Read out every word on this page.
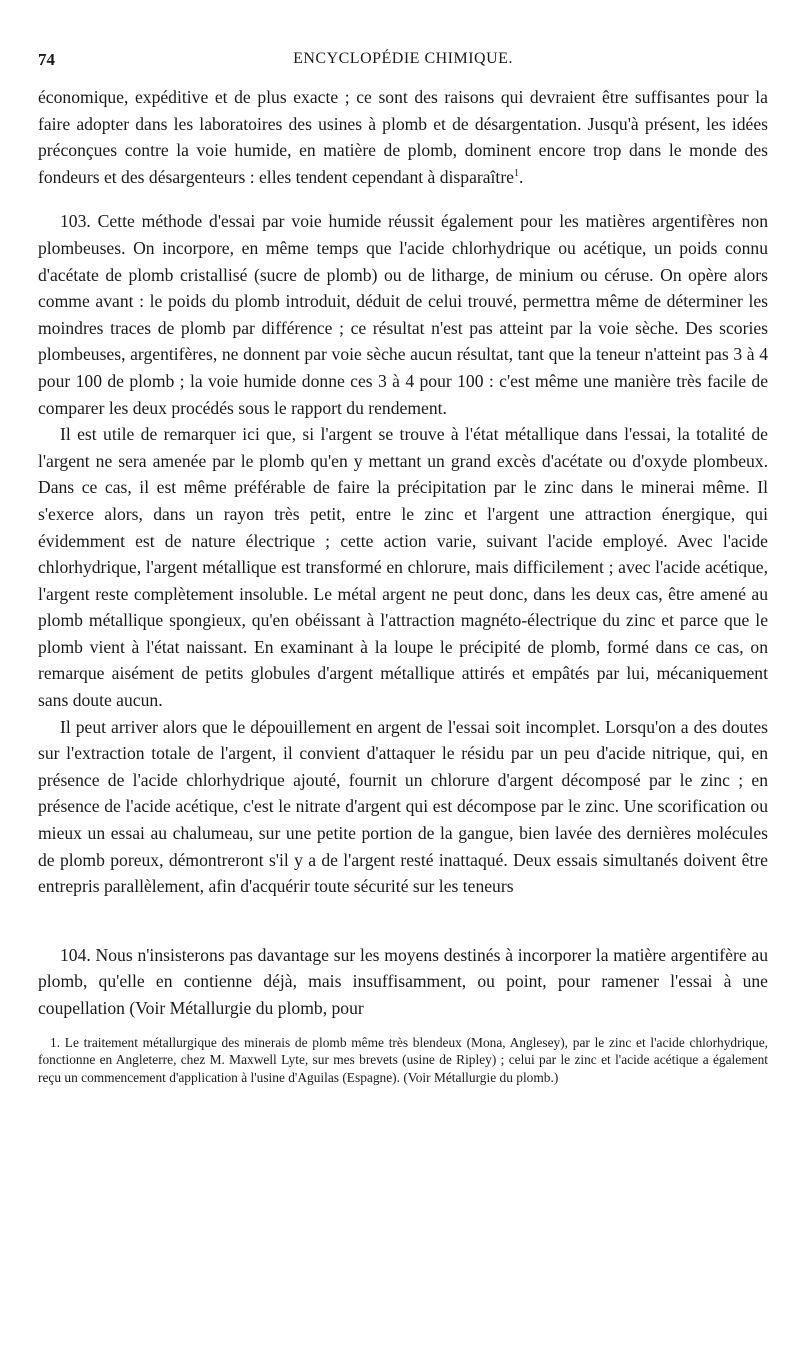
74	ENCYCLOPÉDIE CHIMIQUE.

économique, expéditive et de plus exacte ; ce sont des raisons qui devraient être suffisantes pour la faire adopter dans les laboratoires des usines à plomb et de désargentation. Jusqu'à présent, les idées préconçues contre la voie humide, en matière de plomb, dominent encore trop dans le monde des fondeurs et des désargenteurs : elles tendent cependant à disparaître$^1$.

103. Cette méthode d'essai par voie humide réussit également pour les matières argentifères non plombeuses. On incorpore, en même temps que l'acide chlorhydrique ou acétique, un poids connu d'acétate de plomb cristallisé (sucre de plomb) ou de litharge, de minium ou céruse. On opère alors comme avant : le poids du plomb introduit, déduit de celui trouvé, permettra même de déterminer les moindres traces de plomb par différence ; ce résultat n'est pas atteint par la voie sèche. Des scories plombeuses, argentifères, ne donnent par voie sèche aucun résultat, tant que la teneur n'atteint pas 3 à 4 pour 100 de plomb ; la voie humide donne ces 3 à 4 pour 100 : c'est même une manière très facile de comparer les deux procédés sous le rapport du rendement.

Il est utile de remarquer ici que, si l'argent se trouve à l'état métallique dans l'essai, la totalité de l'argent ne sera amenée par le plomb qu'en y mettant un grand excès d'acétate ou d'oxyde plombeux. Dans ce cas, il est même préférable de faire la précipitation par le zinc dans le minerai même. Il s'exerce alors, dans un rayon très petit, entre le zinc et l'argent une attraction énergique, qui évidemment est de nature électrique ; cette action varie, suivant l'acide employé. Avec l'acide chlorhydrique, l'argent métallique est transformé en chlorure, mais difficilement ; avec l'acide acétique, l'argent reste complètement insoluble. Le métal argent ne peut donc, dans les deux cas, être amené au plomb métallique spongieux, qu'en obéissant à l'attraction magnéto-électrique du zinc et parce que le plomb vient à l'état naissant. En examinant à la loupe le précipité de plomb, formé dans ce cas, on remarque aisément de petits globules d'argent métallique attirés et empâtés par lui, mécaniquement sans doute aucun.

Il peut arriver alors que le dépouillement en argent de l'essai soit incomplet. Lorsqu'on a des doutes sur l'extraction totale de l'argent, il convient d'attaquer le résidu par un peu d'acide nitrique, qui, en présence de l'acide chlorhydrique ajouté, fournit un chlorure d'argent décomposé par le zinc ; en présence de l'acide acétique, c'est le nitrate d'argent qui est décompose par le zinc. Une scorification ou mieux un essai au chalumeau, sur une petite portion de la gangue, bien lavée des dernières molécules de plomb poreux, démontreront s'il y a de l'argent resté inattaqué. Deux essais simultanés doivent être entrepris parallèlement, afin d'acquérir toute sécurité sur les teneurs

104. Nous n'insisterons pas davantage sur les moyens destinés à incorporer la matière argentifère au plomb, qu'elle en contienne déjà, mais insuffisamment, ou point, pour ramener l'essai à une coupellation (Voir Métallurgie du plomb, pour

1. Le traitement métallurgique des minerais de plomb même très blendeux (Mona, Anglesey), par le zinc et l'acide chlorhydrique, fonctionne en Angleterre, chez M. Maxwell Lyte, sur mes brevets (usine de Ripley) ; celui par le zinc et l'acide acétique a également reçu un commencement d'application à l'usine d'Aguilas (Espagne). (Voir Métallurgie du plomb.)
